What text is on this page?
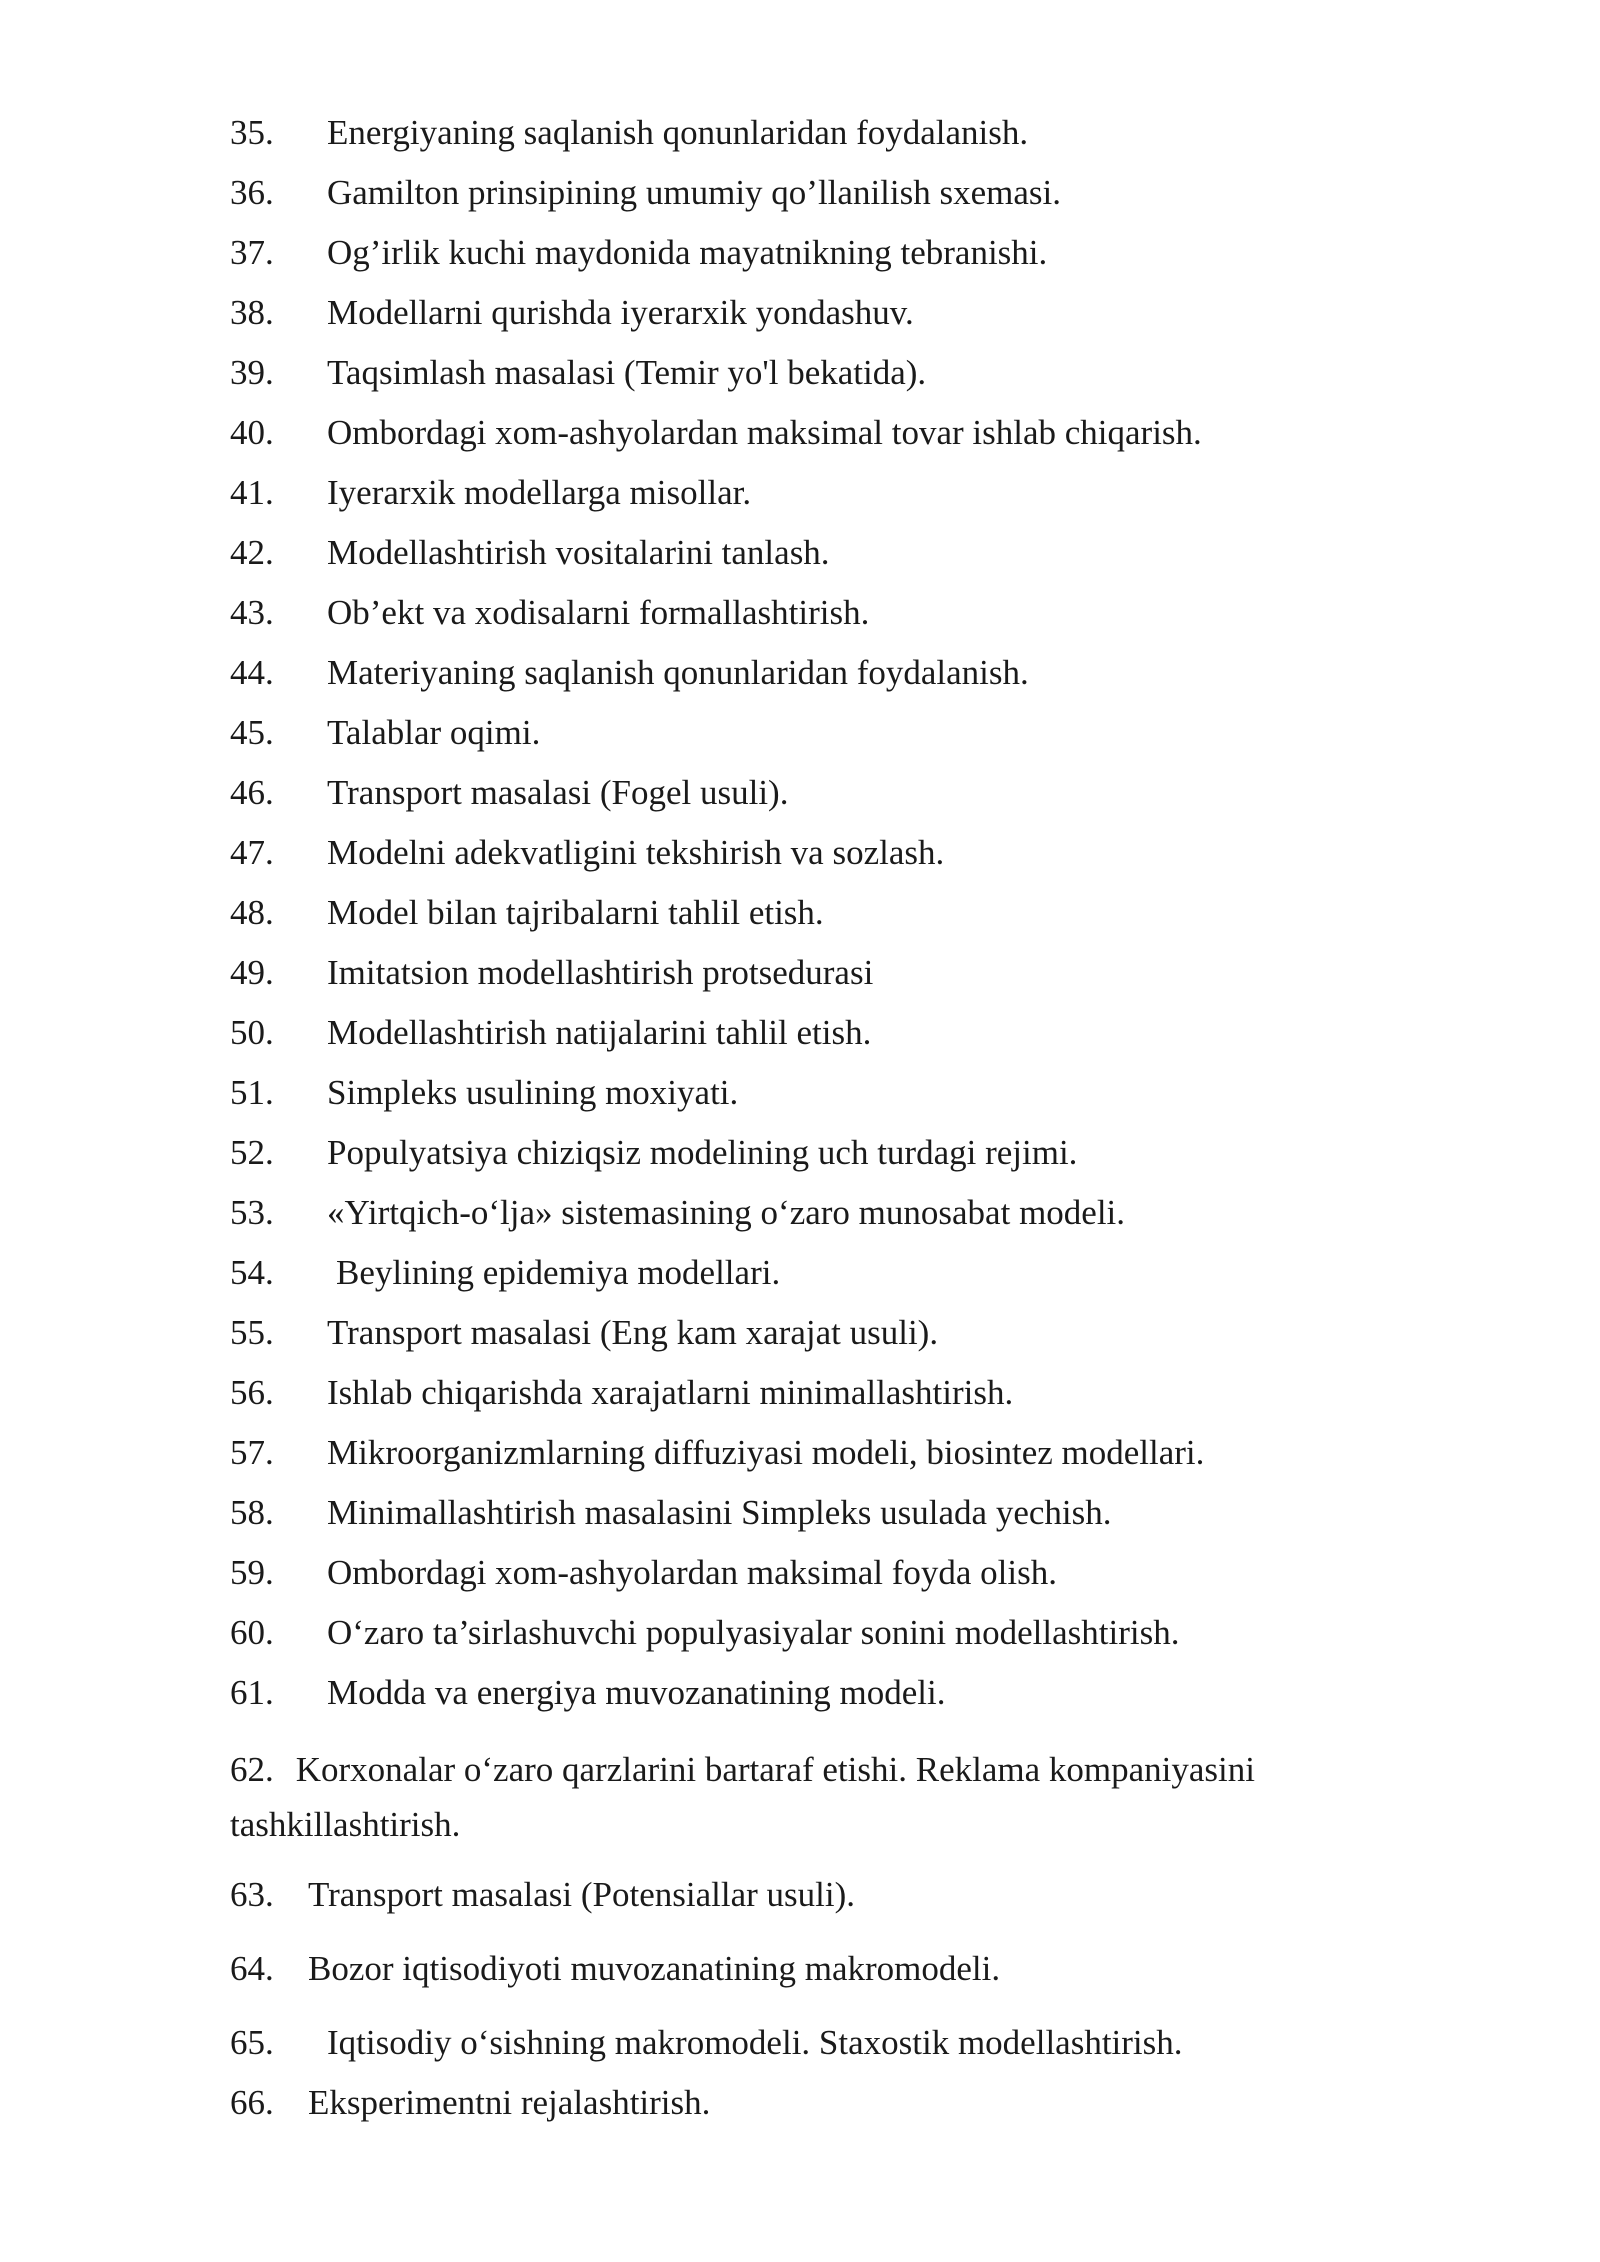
35. Energiyaning saqlanish qonunlaridan foydalanish.
36. Gamilton prinsipining umumiy qo’llanilish sxemasi.
37. Og’irlik kuchi maydonida mayatnikning tebranishi.
38. Modellarni qurishda iyerarxik yondashuv.
39. Taqsimlash masalasi (Temir yo'l bekatida).
40. Ombordagi xom-ashyolardan maksimal tovar ishlab chiqarish.
41. Iyerarxik modellarga misollar.
42. Modellashtirish vositalarini tanlash.
43. Ob’ekt va xodisalarni formallashtirish.
44. Materiyaning saqlanish qonunlaridan foydalanish.
45. Talablar oqimi.
46. Transport masalasi (Fogel usuli).
47. Modelni adekvatligini tekshirish va sozlash.
48. Model bilan tajribalarni tahlil etish.
49. Imitatsion modellashtirish protsedurasi
50. Modellashtirish natijalarini tahlil etish.
51. Simpleks usulining moxiyati.
52. Populyatsiya chiziqsiz modelining uch turdagi rejimi.
53. «Yirtqich-o‘lja» sistemasining o‘zaro munosabat modeli.
54. Beylining epidemiya modellari.
55. Transport masalasi (Eng kam xarajat usuli).
56. Ishlab chiqarishda xarajatlarni minimallashtirish.
57. Mikroorganizmlarning diffuziyasi modeli, biosintez modellari.
58. Minimallashtirish masalasini Simpleks usulada yechish.
59. Ombordagi xom-ashyolardan maksimal foyda olish.
60. O‘zaro ta’sirlashuvchi populyasiyalar sonini modellashtirish.
61. Modda va energiya muvozanatining modeli.
62. Korxonalar o‘zaro qarzlarini bartaraf etishi. Reklama kompaniyasini tashkillashtirish.
63. Transport masalasi (Potensiallar usuli).
64. Bozor iqtisodiyoti muvozanatining makromodeli.
65. Iqtisodiy o‘sishning makromodeli. Staxostik modellashtirish.
66. Eksperimentni rejalashtirish.
